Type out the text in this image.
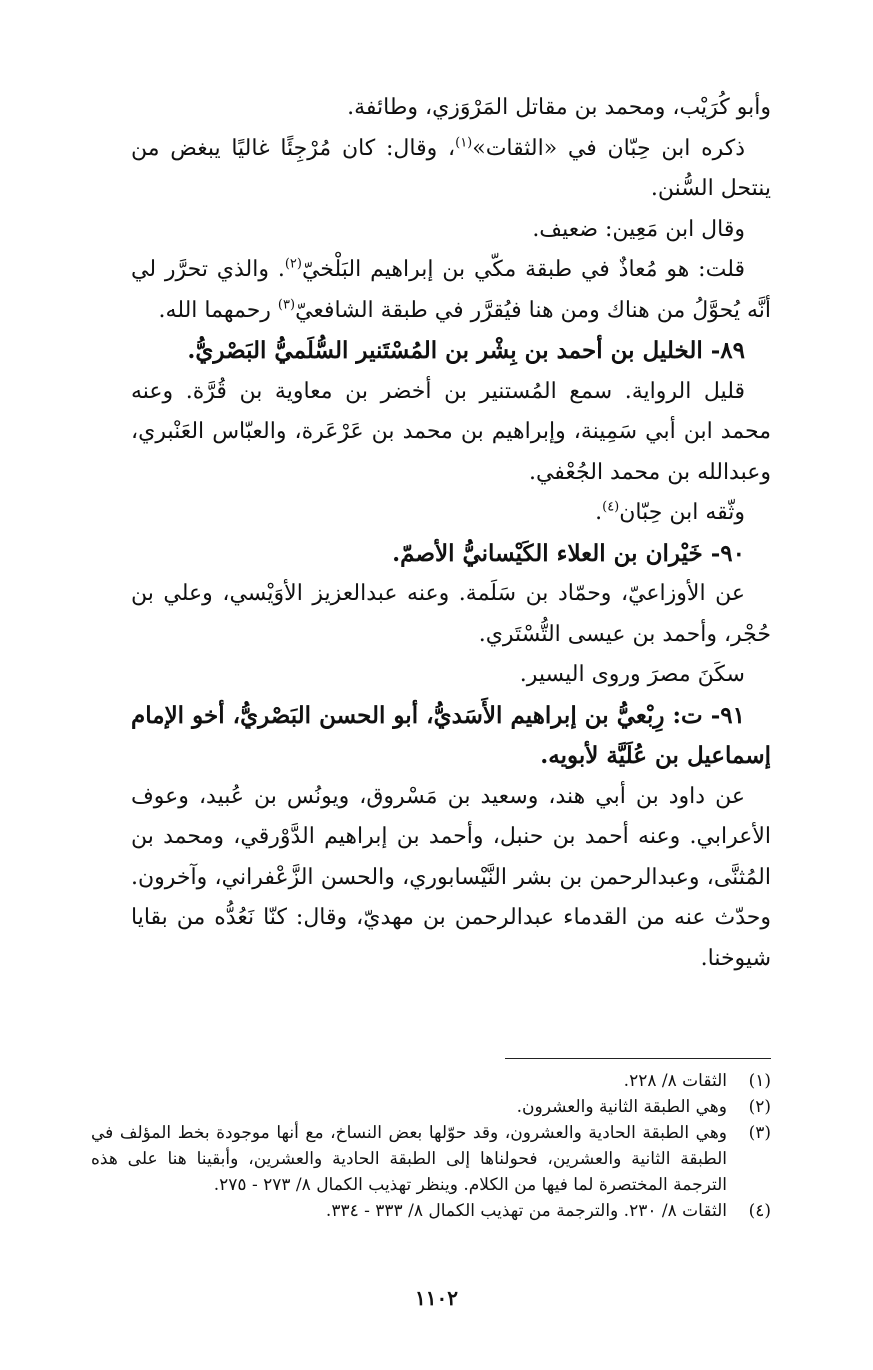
وأبو كُرَيْب، ومحمد بن مقاتل المَرْوَزي، وطائفة.

ذكره ابن حِبّان في «الثقات»$^{(١)}$، وقال: كان مُرْجِئًا غاليًا يبغض من ينتحل السُّنن.

وقال ابن مَعِين: ضعيف.

قلت: هو مُعاذٌ في طبقة مكّي بن إبراهيم البَلْخيّ$^{(٢)}$. والذي تحرَّر لي أنَّه يُحوَّلُ من هناك ومن هنا فيُقرَّر في طبقة الشافعيّ$^{(٣)}$ رحمهما الله.

٨٩- الخليل بن أحمد بن بِشْر بن المُسْتَنير السُّلَميُّ البَصْريُّ.

قليل الرواية. سمع المُستنير بن أخضر بن معاوية بن قُرَّة. وعنه محمد ابن أبي سَمِينة، وإبراهيم بن محمد بن عَرْعَرة، والعبّاس العَنْبري، وعبدالله بن محمد الجُعْفي.

وثّقه ابن حِبّان$^{(٤)}$.

٩٠- خَيْران بن العلاء الكَيْسانيُّ الأصمّ.

عن الأوزاعيّ، وحمّاد بن سَلَمة. وعنه عبدالعزيز الأوَيْسي، وعلي بن حُجْر، وأحمد بن عيسى التُّسْتَري.

سكَنَ مصرَ وروى اليسير.

٩١- ت: رِبْعيُّ بن إبراهيم الأَسَديُّ، أبو الحسن البَصْريُّ، أخو الإمام إسماعيل بن عُلَيَّة لأبويه.

عن داود بن أبي هند، وسعيد بن مَسْروق، ويونُس بن عُبيد، وعوف الأعرابي. وعنه أحمد بن حنبل، وأحمد بن إبراهيم الدَّوْرقي، ومحمد بن المُثنَّى، وعبدالرحمن بن بشر النَّيْسابوري، والحسن الزَّعْفراني، وآخرون. وحدّث عنه من القدماء عبدالرحمن بن مهديّ، وقال: كنّا نَعُدُّه من بقايا شيوخنا.

(١)
الثقات ٨/ ٢٢٨.

(٢)
وهي الطبقة الثانية والعشرون.

(٣)
وهي الطبقة الحادية والعشرون، وقد حوّلها بعض النساخ، مع أنها موجودة بخط المؤلف في الطبقة الثانية والعشرين، فحولناها إلى الطبقة الحادية والعشرين، وأبقينا هنا على هذه الترجمة المختصرة لما فيها من الكلام. وينظر تهذيب الكمال ٨/ ٢٧٣ - ٢٧٥.

(٤)
الثقات ٨/ ٢٣٠. والترجمة من تهذيب الكمال ٨/ ٣٣٣ - ٣٣٤.

١١٠٢
